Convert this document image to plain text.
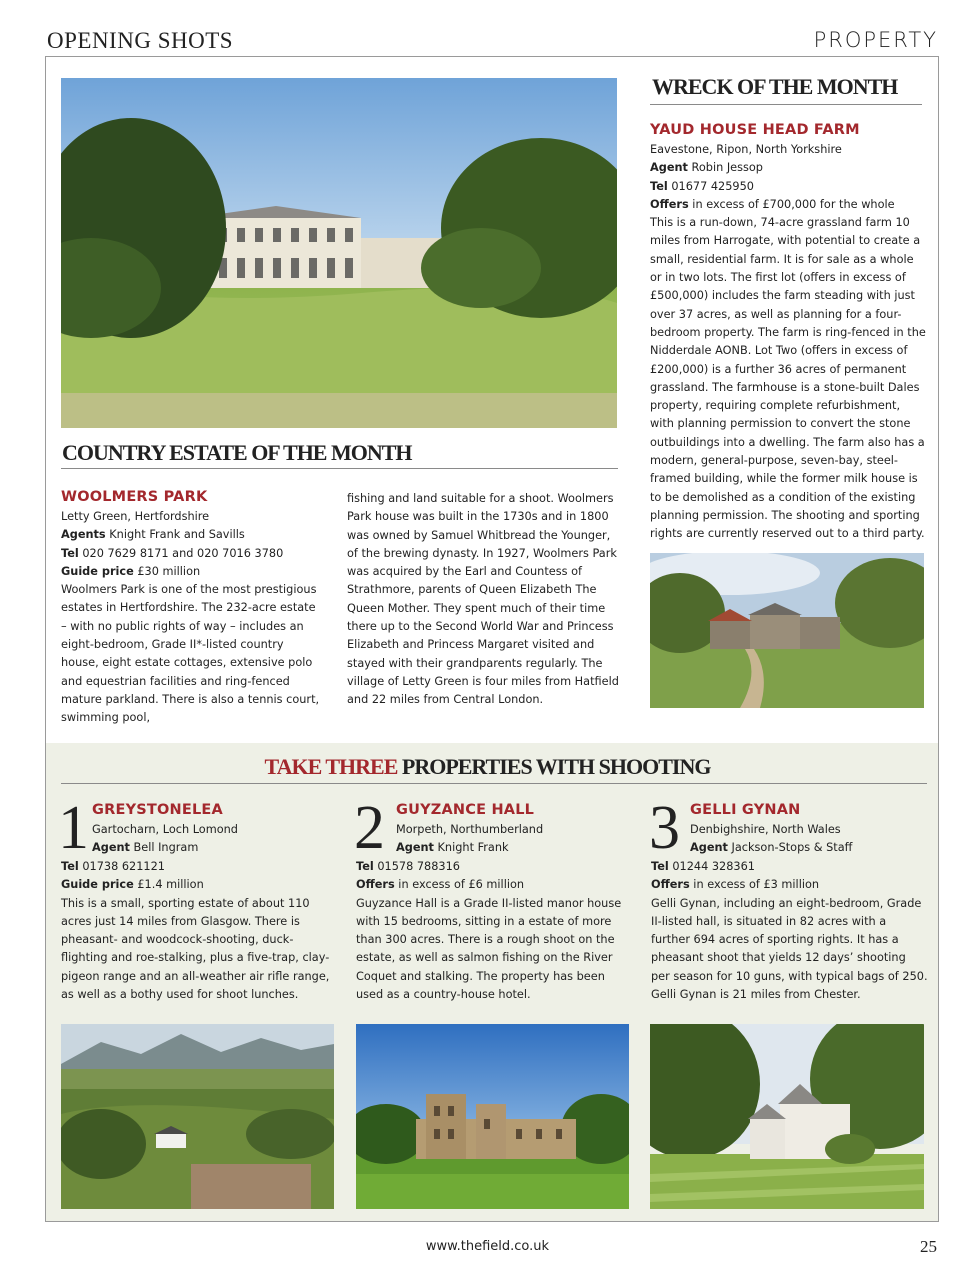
OPENING SHOTS	PROPERTY
COUNTRY ESTATE OF THE MONTH
WOOLMERS PARK
Letty Green, Hertfordshire
Agents Knight Frank and Savills
Tel 020 7629 8171 and 020 7016 3780
Guide price £30 million
Woolmers Park is one of the most prestigious estates in Hertfordshire. The 232-acre estate – with no public rights of way – includes an eight-bedroom, Grade II*-listed country house, eight estate cottages, extensive polo and equestrian facilities and ring-fenced mature parkland. There is also a tennis court, swimming pool,
fishing and land suitable for a shoot. Woolmers Park house was built in the 1730s and in 1800 was owned by Samuel Whitbread the Younger, of the brewing dynasty. In 1927, Woolmers Park was acquired by the Earl and Countess of Strathmore, parents of Queen Elizabeth The Queen Mother. They spent much of their time there up to the Second World War and Princess Elizabeth and Princess Margaret visited and stayed with their grandparents regularly. The village of Letty Green is four miles from Hatfield and 22 miles from Central London.
WRECK OF THE MONTH
YAUD HOUSE HEAD FARM
Eavestone, Ripon, North Yorkshire
Agent Robin Jessop
Tel 01677 425950
Offers in excess of £700,000 for the whole
This is a run-down, 74-acre grassland farm 10 miles from Harrogate, with potential to create a small, residential farm. It is for sale as a whole or in two lots. The first lot (offers in excess of £500,000) includes the farm steading with just over 37 acres, as well as planning for a four-bedroom property. The farm is ring-fenced in the Nidderdale AONB. Lot Two (offers in excess of £200,000) is a further 36 acres of permanent grassland. The farmhouse is a stone-built Dales property, requiring complete refurbishment, with planning permission to convert the stone outbuildings into a dwelling. The farm also has a modern, general-purpose, seven-bay, steel-framed building, while the former milk house is to be demolished as a condition of the existing planning permission. The shooting and sporting rights are currently reserved out to a third party.
TAKE THREE PROPERTIES WITH SHOOTING
1 GREYSTONELEA
Gartocharn, Loch Lomond
Agent Bell Ingram
Tel 01738 621121
Guide price £1.4 million
This is a small, sporting estate of about 110 acres just 14 miles from Glasgow. There is pheasant- and woodcock-shooting, duck-flighting and roe-stalking, plus a five-trap, clay-pigeon range and an all-weather air rifle range, as well as a bothy used for shoot lunches.
2 GUYZANCE HALL
Morpeth, Northumberland
Agent Knight Frank
Tel 01578 788316
Offers in excess of £6 million
Guyzance Hall is a Grade II-listed manor house with 15 bedrooms, sitting in a estate of more than 300 acres. There is a rough shoot on the estate, as well as salmon fishing on the River Coquet and stalking. The property has been used as a country-house hotel.
3 GELLI GYNAN
Denbighshire, North Wales
Agent Jackson-Stops & Staff
Tel 01244 328361
Offers in excess of £3 million
Gelli Gynan, including an eight-bedroom, Grade II-listed hall, is situated in 82 acres with a further 694 acres of sporting rights. It has a pheasant shoot that yields 12 days’ shooting per season for 10 guns, with typical bags of 250. Gelli Gynan is 21 miles from Chester.
www.thefield.co.uk	25
